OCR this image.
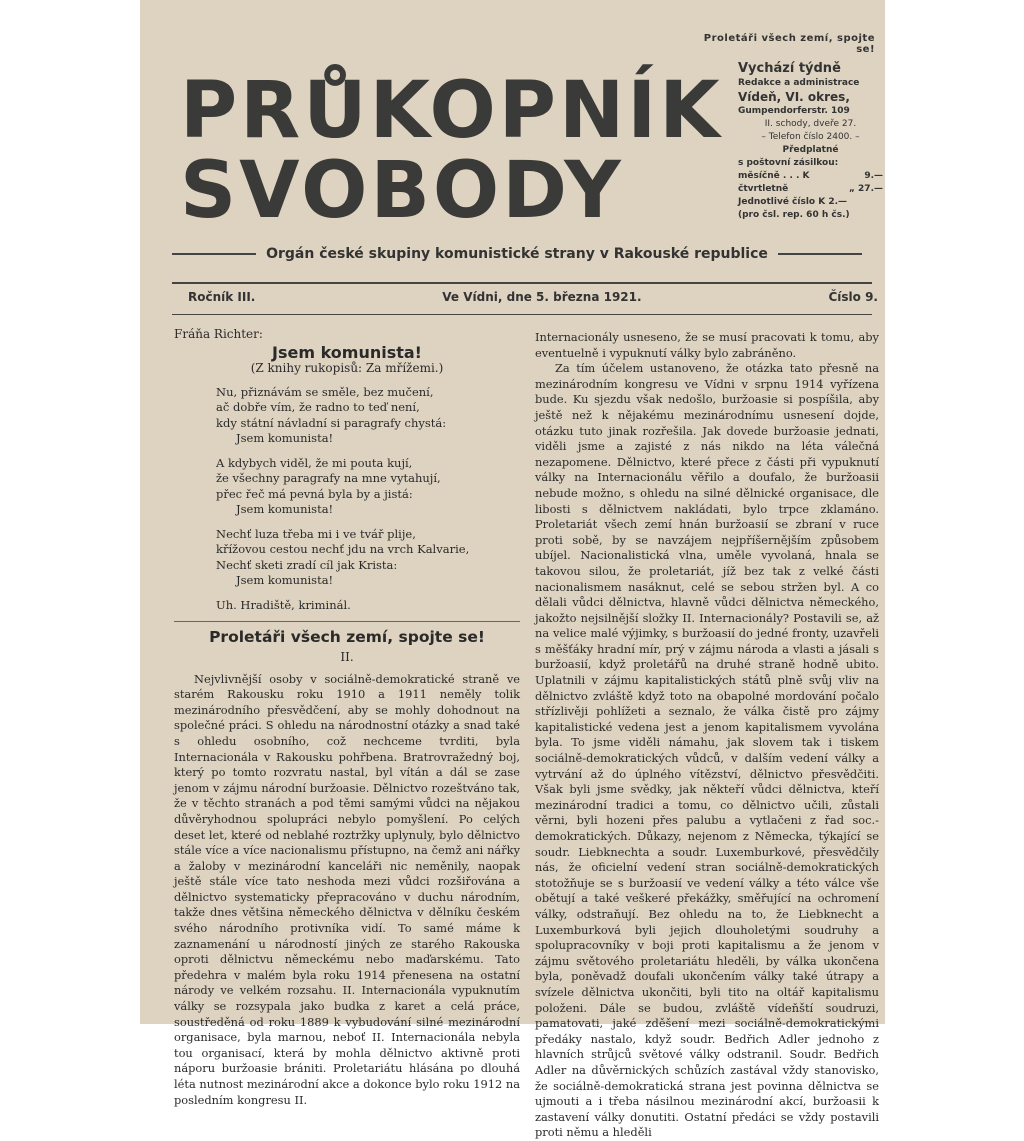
Proletáři všech zemí, spojte se!
PRŮKOPNÍK
SVOBODY
Vychází týdně
Redakce a administrace
Vídeň, VI. okres,
Gumpendorferstr. 109
II. schody, dveře 27.
– Telefon číslo 2400. –
Předplatné
s poštovní zásilkou:
měsíčně . . . K	9.—
čtvrtletně	„ 27.—
Jednotlivé číslo K 2.—
(pro čsl. rep. 60 h čs.)
Orgán české skupiny komunistické strany v Rakouské republice
Ročník III.	Ve Vídni, dne 5. března 1921.	Číslo 9.
Fráňa Richter:
Jsem komunista!
(Z knihy rukopisů: Za mřížemi.)
Nu, přiznávám se směle, bez mučení,
ač dobře vím, že radno to teď není,
kdy státní návladní si paragrafy chystá:
Jsem komunista!
A kdybych viděl, že mi pouta kují,
že všechny paragrafy na mne vytahují,
přec řeč má pevná byla by a jistá:
Jsem komunista!
Nechť luza třeba mi i ve tvář plije,
křížovou cestou nechť jdu na vrch Kalvarie,
Nechť sketi zradí cíl jak Krista:
Jsem komunista!
Uh. Hradiště, kriminál.
Proletáři všech zemí, spojte se!
II.

Nejvlivnější osoby v sociálně-demokratické straně ve starém Rakousku roku 1910 a 1911 neměly tolik mezinárodního přesvědčení, aby se mohly dohodnout na společné práci. S ohledu na národnostní otázky a snad také s ohledu osobního, což nechceme tvrditi, byla Internacionála v Rakousku pohřbena. Bratrovražedný boj, který po tomto rozvratu nastal, byl vítán a dál se zase jenom v zájmu národní buržoasie. Dělnictvo rozeštváno tak, že v těchto stranách a pod těmi samými vůdci na nějakou důvěryhodnou spolupráci nebylo pomyšlení. Po celých deset let, které od neblahé roztržky uplynuly, bylo dělnictvo stále více a více nacionalismu přístupno, na čemž ani nářky a žaloby v mezinárodní kanceláři nic neměnily, naopak ještě stále více tato neshoda mezi vůdci rozšiřována a dělnictvo systematicky přepracováno v duchu národním, takže dnes většina německého dělnictva v dělníku českém svého národního protivníka vidí. To samé máme k zaznamenání u národností jiných ze starého Rakouska oproti dělnictvu německému nebo maďarskému. Tato předehra v malém byla roku 1914 přenesena na ostatní národy ve velkém rozsahu. II. Internacionála vypuknutím války se rozsypala jako budka z karet a celá práce, soustředěná od roku 1889 k vybudování silné mezinárodní organisace, byla marnou, neboť II. Internacionála nebyla tou organisací, která by mohla dělnictvo aktivně proti náporu buržoasie brániti. Proletariátu hlásána po dlouhá léta nutnost mezinárodní akce a dokonce bylo roku 1912 na posledním kongresu II.

Internacionály usneseno, že se musí pracovati k tomu, aby eventuelně i vypuknutí války bylo zabráněno.

Za tím účelem ustanoveno, že otázka tato přesně na mezinárodním kongresu ve Vídni v srpnu 1914 vyřízena bude. Ku sjezdu však nedošlo, buržoasie si pospíšila, aby ještě než k nějakému mezinárodnímu usnesení dojde, otázku tuto jinak rozřešila. Jak dovede buržoasie jednati, viděli jsme a zajisté z nás nikdo na léta válečná nezapomene. Dělnictvo, které přece z části při vypuknutí války na Internacionálu věřilo a doufalo, že buržoasii nebude možno, s ohledu na silné dělnické organisace, dle libosti s dělnictvem nakládati, bylo trpce zklamáno. Proletariát všech zemí hnán buržoasií se zbraní v ruce proti sobě, by se navzájem nejpříšernějším způsobem ubíjel. Nacionalistická vlna, uměle vyvolaná, hnala se takovou silou, že proletariát, jíž bez tak z velké části nacionalismem nasáknut, celé se sebou stržen byl. A co dělali vůdci dělnictva, hlavně vůdci dělnictva německého, jakožto nejsilnější složky II. Internacionály? Postavili se, až na velice malé výjimky, s buržoasií do jedné fronty, uzavřeli s měšťáky hradní mír, prý v zájmu národa a vlasti a jásali s buržoasií, když proletářů na druhé straně hodně ubito. Uplatnili v zájmu kapitalistických států plně svůj vliv na dělnictvo zvláště když toto na obapolné mordování počalo střízlivěji pohlížeti a seznalo, že válka čistě pro zájmy kapitalistické vedena jest a jenom kapitalismem vyvolána byla. To jsme viděli námahu, jak slovem tak i tiskem sociálně-demokratických vůdců, v dalším vedení války a vytrvání až do úplného vítězství, dělnictvo přesvědčiti. Však byli jsme svědky, jak někteří vůdci dělnictva, kteří mezinárodní tradici a tomu, co dělnictvo učili, zůstali věrni, byli hozeni přes palubu a vytlačeni z řad soc.-demokratických. Důkazy, nejenom z Německa, týkající se soudr. Liebknechta a soudr. Luxemburkové, přesvědčily nás, že oficielní vedení stran sociálně-demokratických stotožňuje se s buržoasií ve vedení války a této válce vše obětují a také veškeré překážky, směřující na ochromení války, odstraňují. Bez ohledu na to, že Liebknecht a Luxemburková byli jejich dlouholetými soudruhy a spolupracovníky v boji proti kapitalismu a že jenom v zájmu světového proletariátu hleděli, by válka ukončena byla, poněvadž doufali ukončením války také útrapy a svízele dělnictva ukončiti, byli tito na oltář kapitalismu položeni. Dále se budou, zvláště vídeňští soudruzi, pamatovati, jaké zděšení mezi sociálně-demokratickými předáky nastalo, když soudr. Bedřich Adler jednoho z hlavních strůjců světové války odstranil. Soudr. Bedřich Adler na důvěrnických schůzích zastával vždy stanovisko, že sociálně-demokratická strana jest povinna dělnictva se ujmouti a i třeba násilnou mezinárodní akcí, buržoasii k zastavení války donutiti. Ostatní předáci se vždy postavili proti němu a hleděli
